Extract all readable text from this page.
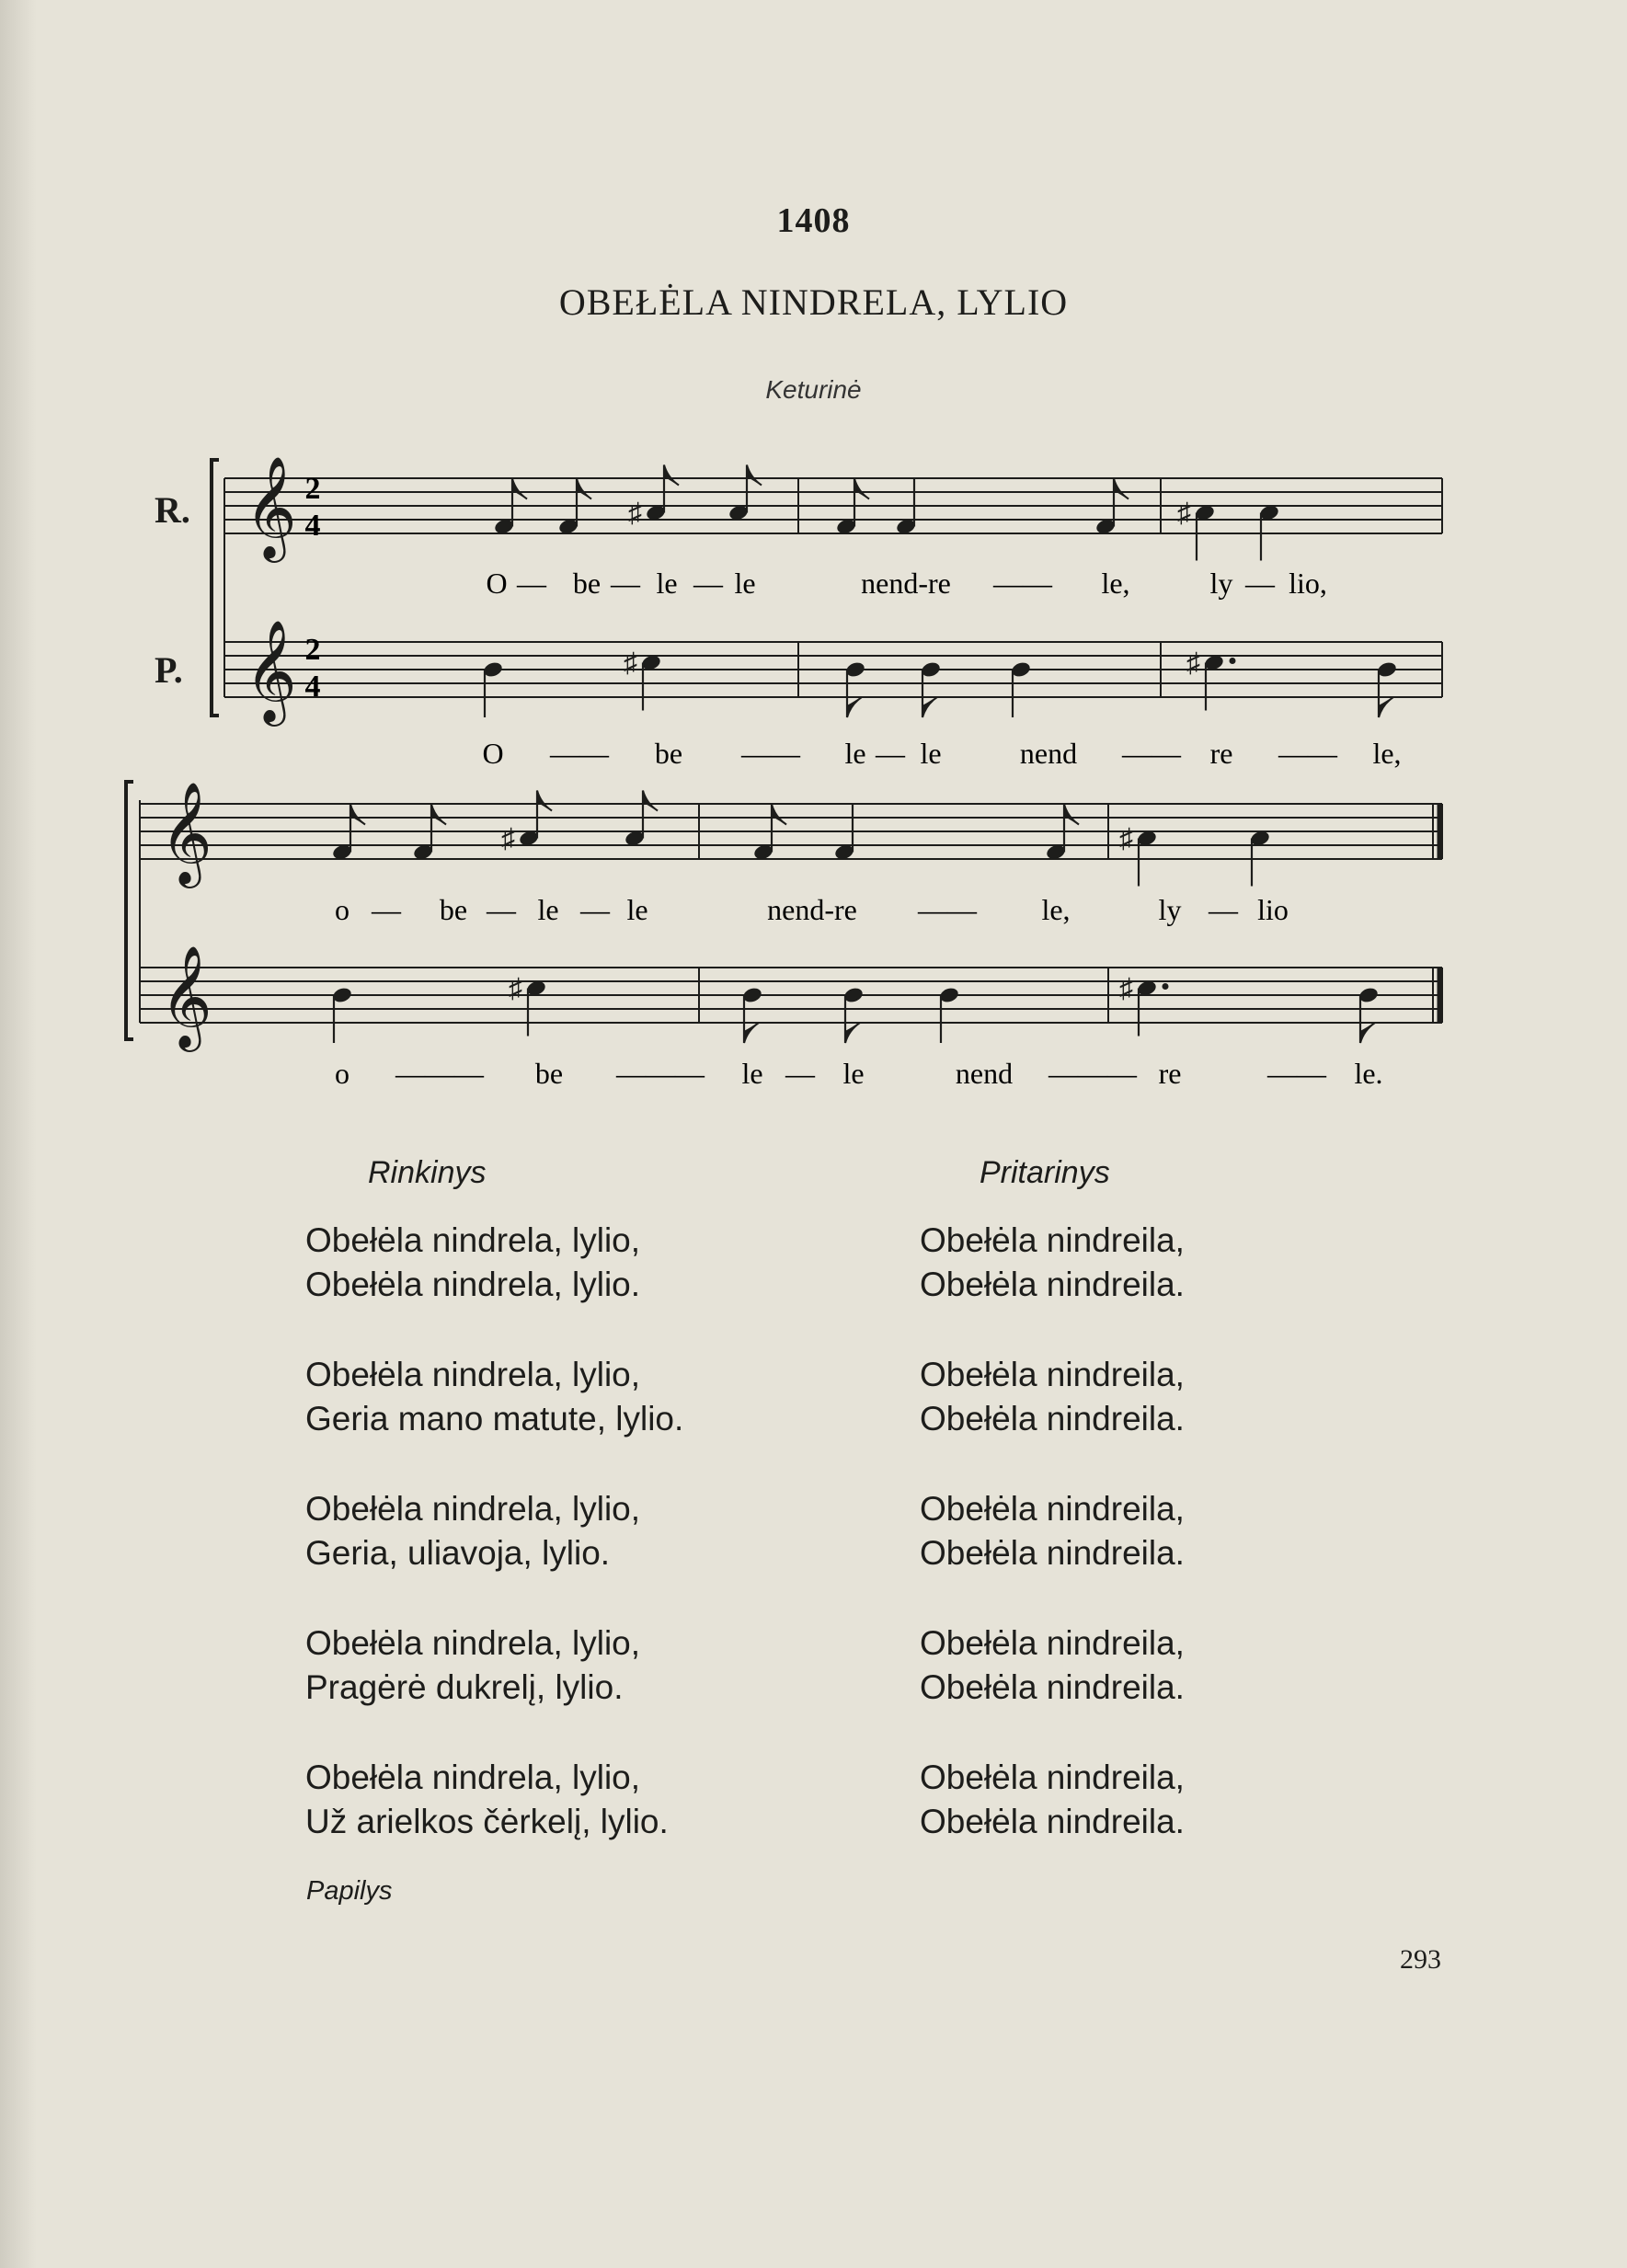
1408
OBEŁĖLA NINDRELA, LYLIO
Keturinė
R.
P.
𝄞
𝄞
𝄞
𝄞
♯	♯
♯	♯
♯	♯
♯	♯
2
4
2
4
O — be — le — le	nend-re —— le,	ly — lio,
O —— be —— le — le	nend —— re —— le,
o — be — le — le	nend-re —— le,	ly — lio
o ——— be ——— le — le	nend ——— re	—— le.
Rinkinys	Pritarinys
Obełėla nindrela, lylio,
Obełėla nindrela, lylio.
Obełėla nindrela, lylio,
Geria mano matute, lylio.
Obełėla nindrela, lylio,
Geria, uliavoja, lylio.
Obełėla nindrela, lylio,
Pragėrė dukrelį, lylio.
Obełėla nindrela, lylio,
Už arielkos čėrkelį, lylio.
Obełėla nindreila,
Obełėla nindreila.
Obełėla nindreila,
Obełėla nindreila.
Obełėla nindreila,
Obełėla nindreila.
Obełėla nindreila,
Obełėla nindreila.
Obełėla nindreila,
Obełėla nindreila.
Papilys
293
